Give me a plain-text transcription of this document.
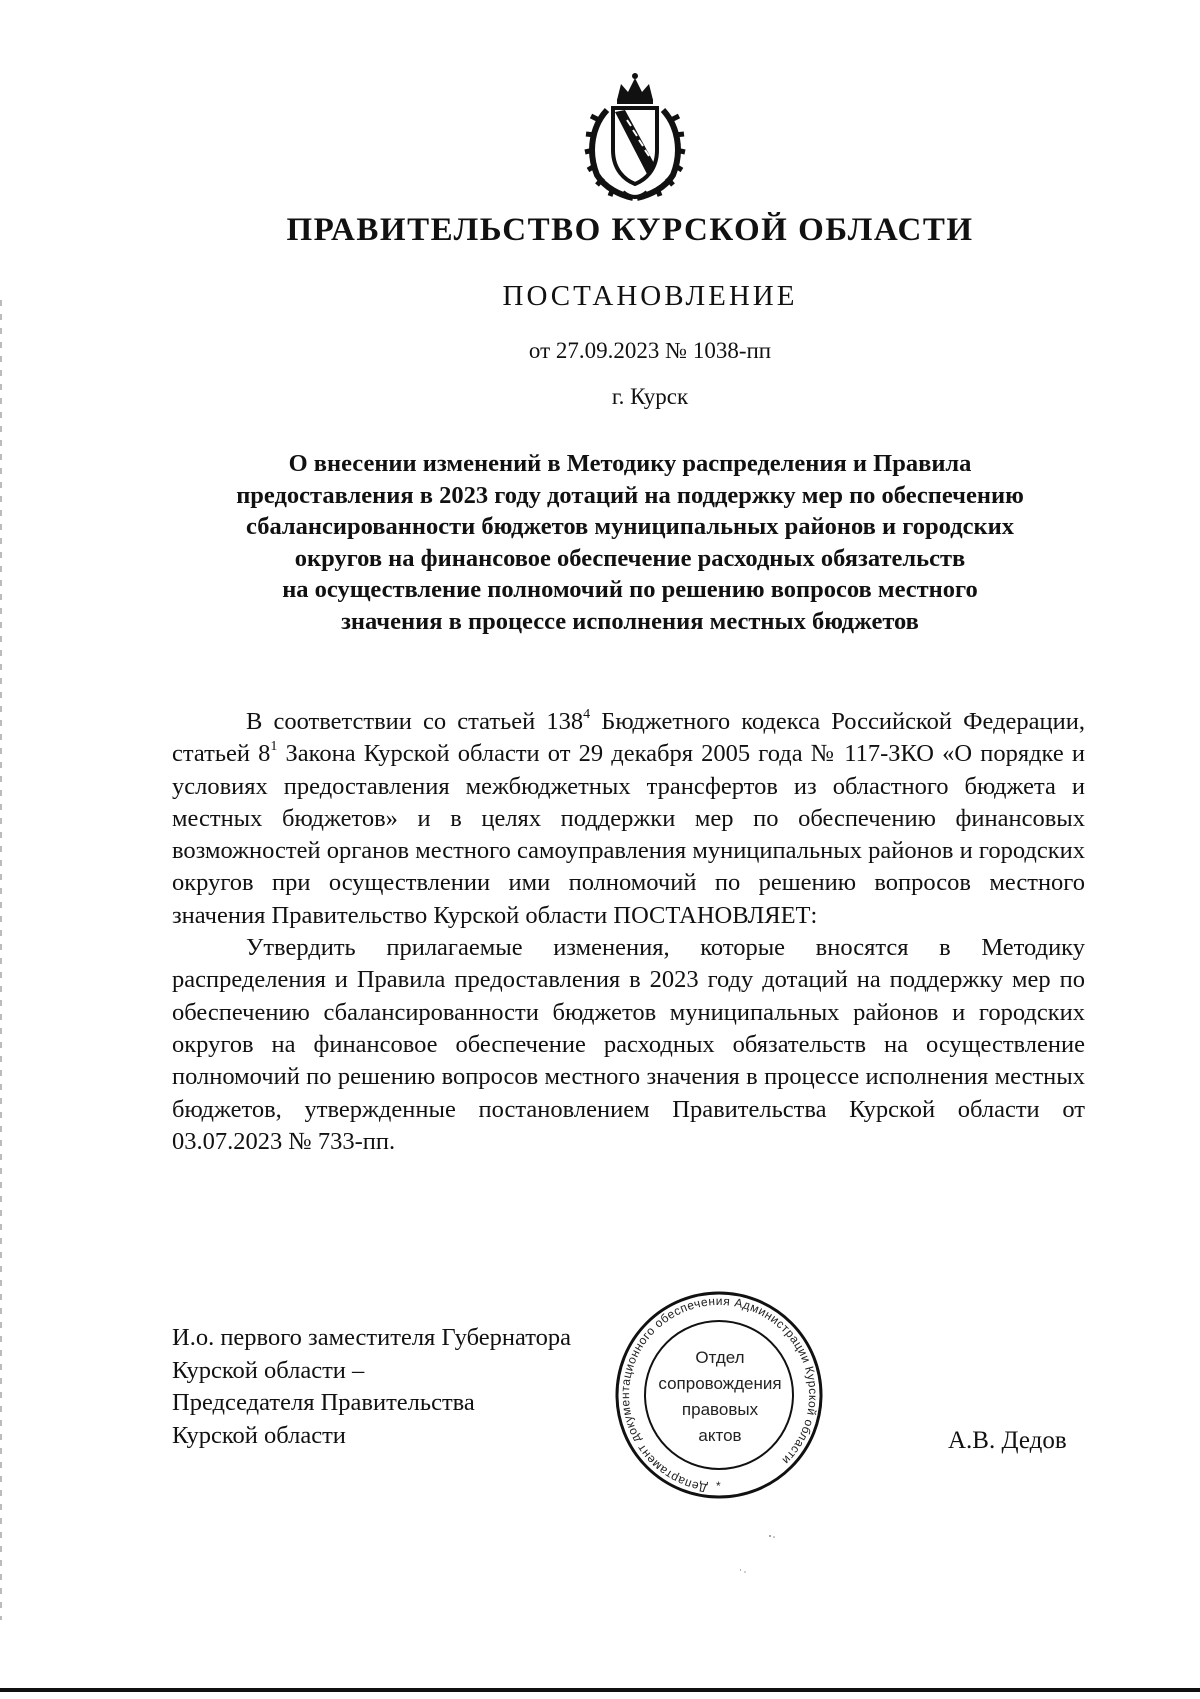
ПРАВИТЕЛЬСТВО КУРСКОЙ ОБЛАСТИ
ПОСТАНОВЛЕНИЕ
от 27.09.2023 № 1038-пп
г. Курск
О внесении изменений в Методику распределения и Правила
предоставления в 2023 году дотаций на поддержку мер по обеспечению
сбалансированности бюджетов муниципальных районов и городских
округов на финансовое обеспечение расходных обязательств
на осуществление полномочий по решению вопросов местного
значения в процессе исполнения местных бюджетов

В соответствии со статьей $138^4$ Бюджетного кодекса Российской Федерации, статьей $8^1$ Закона Курской области от 29 декабря 2005 года № 117-ЗКО «О порядке и условиях предоставления межбюджетных трансфертов из областного бюджета и местных бюджетов» и в целях поддержки мер по обеспечению финансовых возможностей органов местного самоуправления муниципальных районов и городских округов при осуществлении ими полномочий по решению вопросов местного значения Правительство Курской области ПОСТАНОВЛЯЕТ:

Утвердить прилагаемые изменения, которые вносятся в Методику распределения и Правила предоставления в 2023 году дотаций на поддержку мер по обеспечению сбалансированности бюджетов муниципальных районов и городских округов на финансовое обеспечение расходных обязательств на осуществление полномочий по решению вопросов местного значения в процессе исполнения местных бюджетов, утвержденные постановлением Правительства Курской области от 03.07.2023 № 733-пп.

И.о. первого заместителя Губернатора
Курской области –
Председателя Правительства
Курской области
Департамент документационного обеспечения Администрации Курской области
*
Отдел
сопровождения
правовых
актов	А.В. Дедов
